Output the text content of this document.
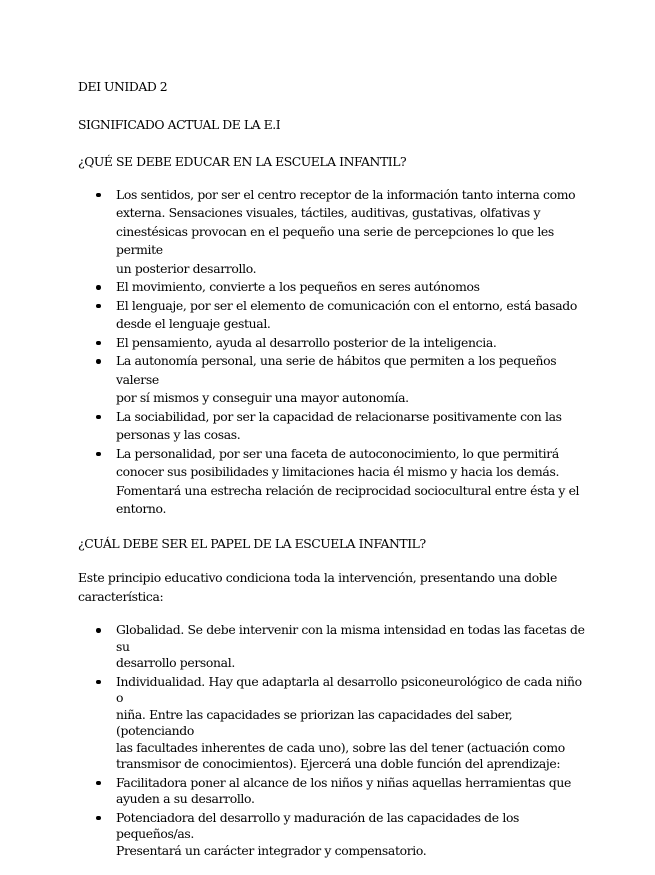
DEI UNIDAD 2

SIGNIFICADO ACTUAL DE LA E.I

¿QUÉ SE DEBE EDUCAR EN LA ESCUELA INFANTIL?

Los sentidos, por ser el centro receptor de la información tanto interna como
externa. Sensaciones visuales, táctiles, auditivas, gustativas, olfativas y
cinestésicas provocan en el pequeño una serie de percepciones lo que les permite
un posterior desarrollo.
El movimiento, convierte a los pequeños en seres autónomos
El lenguaje, por ser el elemento de comunicación con el entorno, está basado
desde el lenguaje gestual.
El pensamiento, ayuda al desarrollo posterior de la inteligencia.
La autonomía personal, una serie de hábitos que permiten a los pequeños valerse
por sí mismos y conseguir una mayor autonomía.
La sociabilidad, por ser la capacidad de relacionarse positivamente con las
personas y las cosas.
La personalidad, por ser una faceta de autoconocimiento, lo que permitirá
conocer sus posibilidades y limitaciones hacia él mismo y hacia los demás.
Fomentará una estrecha relación de reciprocidad sociocultural entre ésta y el
entorno.

¿CUÁL DEBE SER EL PAPEL DE LA ESCUELA INFANTIL?

Este principio educativo condiciona toda la intervención, presentando una doble

característica:

Globalidad. Se debe intervenir con la misma intensidad en todas las facetas de su
desarrollo personal.
Individualidad. Hay que adaptarla al desarrollo psiconeurológico de cada niño o
niña. Entre las capacidades se priorizan las capacidades del saber, (potenciando
las facultades inherentes de cada uno), sobre las del tener (actuación como
transmisor de conocimientos). Ejercerá una doble función del aprendizaje:
Facilitadora poner al alcance de los niños y niñas aquellas herramientas que
ayuden a su desarrollo.
Potenciadora del desarrollo y maduración de las capacidades de los pequeños/as.
Presentará un carácter integrador y compensatorio.
